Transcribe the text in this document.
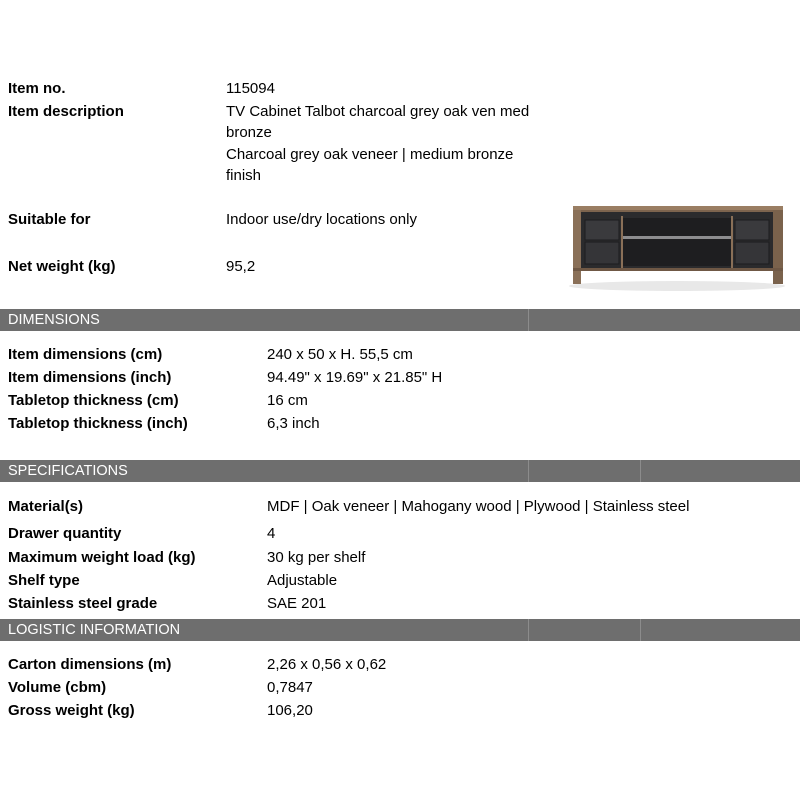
Item no.	115094
Item description	TV Cabinet Talbot charcoal grey oak ven med
bronze
Charcoal grey oak veneer | medium bronze
finish
Suitable for	Indoor use/dry locations only
Net weight (kg)	95,2
DIMENSIONS
Item dimensions (cm)	240 x 50 x H. 55,5 cm
Item dimensions (inch)	94.49" x 19.69" x 21.85" H
Tabletop thickness (cm)	16 cm
Tabletop thickness (inch)	6,3 inch
SPECIFICATIONS
Material(s)	MDF | Oak veneer | Mahogany wood | Plywood | Stainless steel
Drawer quantity	4
Maximum weight load (kg)	30 kg per shelf
Shelf type	Adjustable
Stainless steel grade	SAE 201
LOGISTIC INFORMATION
Carton dimensions (m)	2,26 x 0,56 x 0,62
Volume (cbm)	0,7847
Gross weight (kg)	106,20
